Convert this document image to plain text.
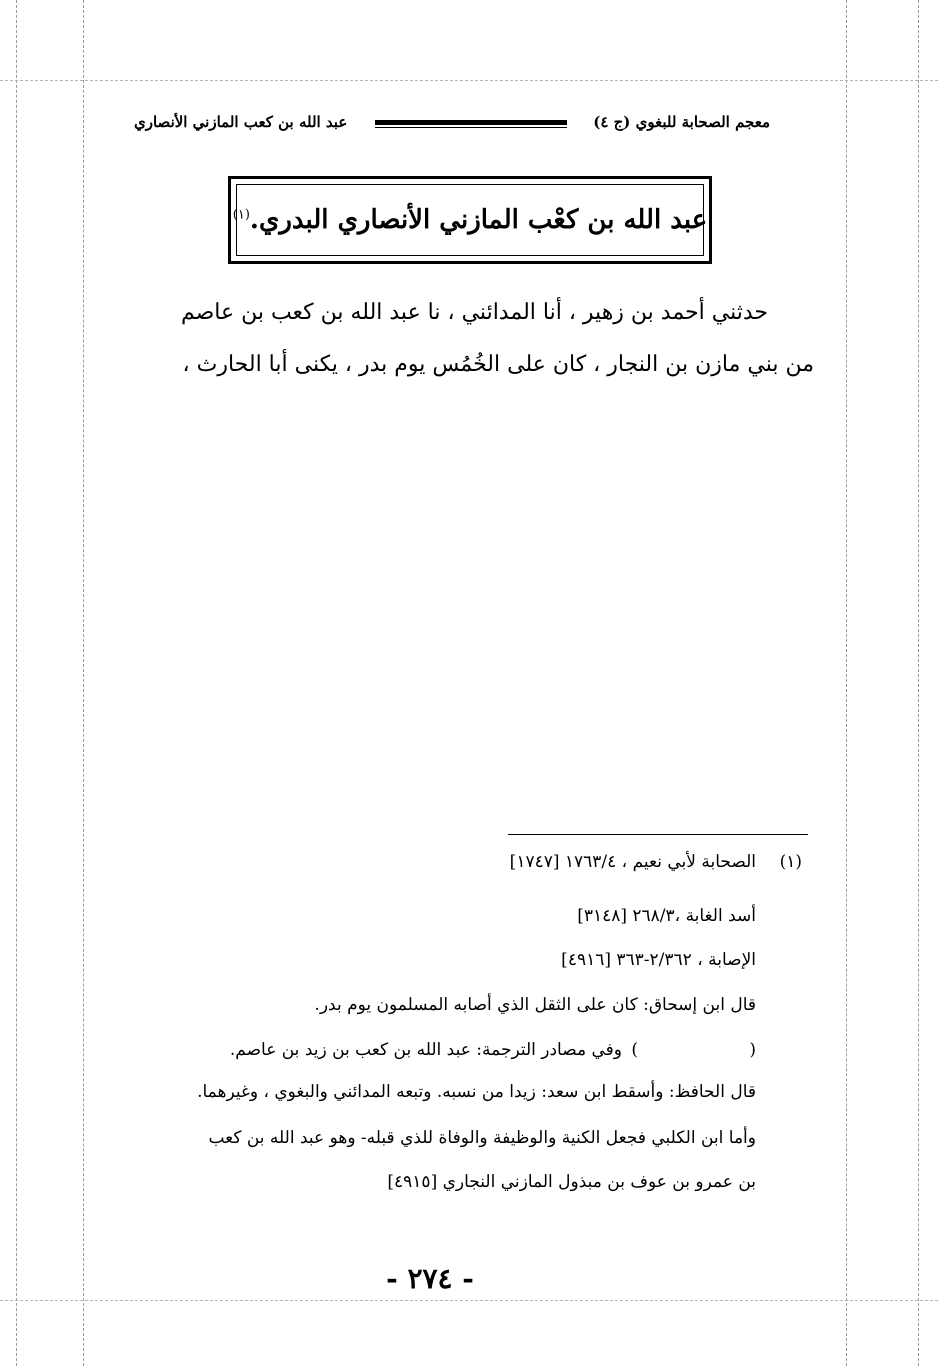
معجم الصحابة للبغوي (ج ٤)
عبد الله بن كعب المازني الأنصاري
عبد الله بن كعْب المازني الأنصاري البدري.$^{(١)}$
حدثني أحمد بن زهير ، أنا المدائني ، نا عبد الله بن كعب بن عاصم
من بني مازن بن النجار ، كان على الخُمُس يوم بدر ، يكنى أبا الحارث ،
(١)
الصحابة لأبي نعيم ، ١٧٦٣/٤ [١٧٤٧]
أسد الغابة ،٢٦٨/٣ [٣١٤٨]
الإصابة ، ٢/٣٦٢-٣٦٣ [٤٩١٦]
قال ابن إسحاق: كان على الثقل الذي أصابه المسلمون يوم بدر.
(
)
وفي مصادر الترجمة: عبد الله بن كعب بن زيد بن عاصم.
قال الحافظ: وأسقط ابن سعد: زيدا من نسبه. وتبعه المدائني والبغوي ، وغيرهما.
وأما ابن الكلبي فجعل الكنية والوظيفة والوفاة للذي قبله- وهو عبد الله بن كعب
بن عمرو بن عوف بن مبذول المازني النجاري [٤٩١٥]
- ٢٧٤ -
